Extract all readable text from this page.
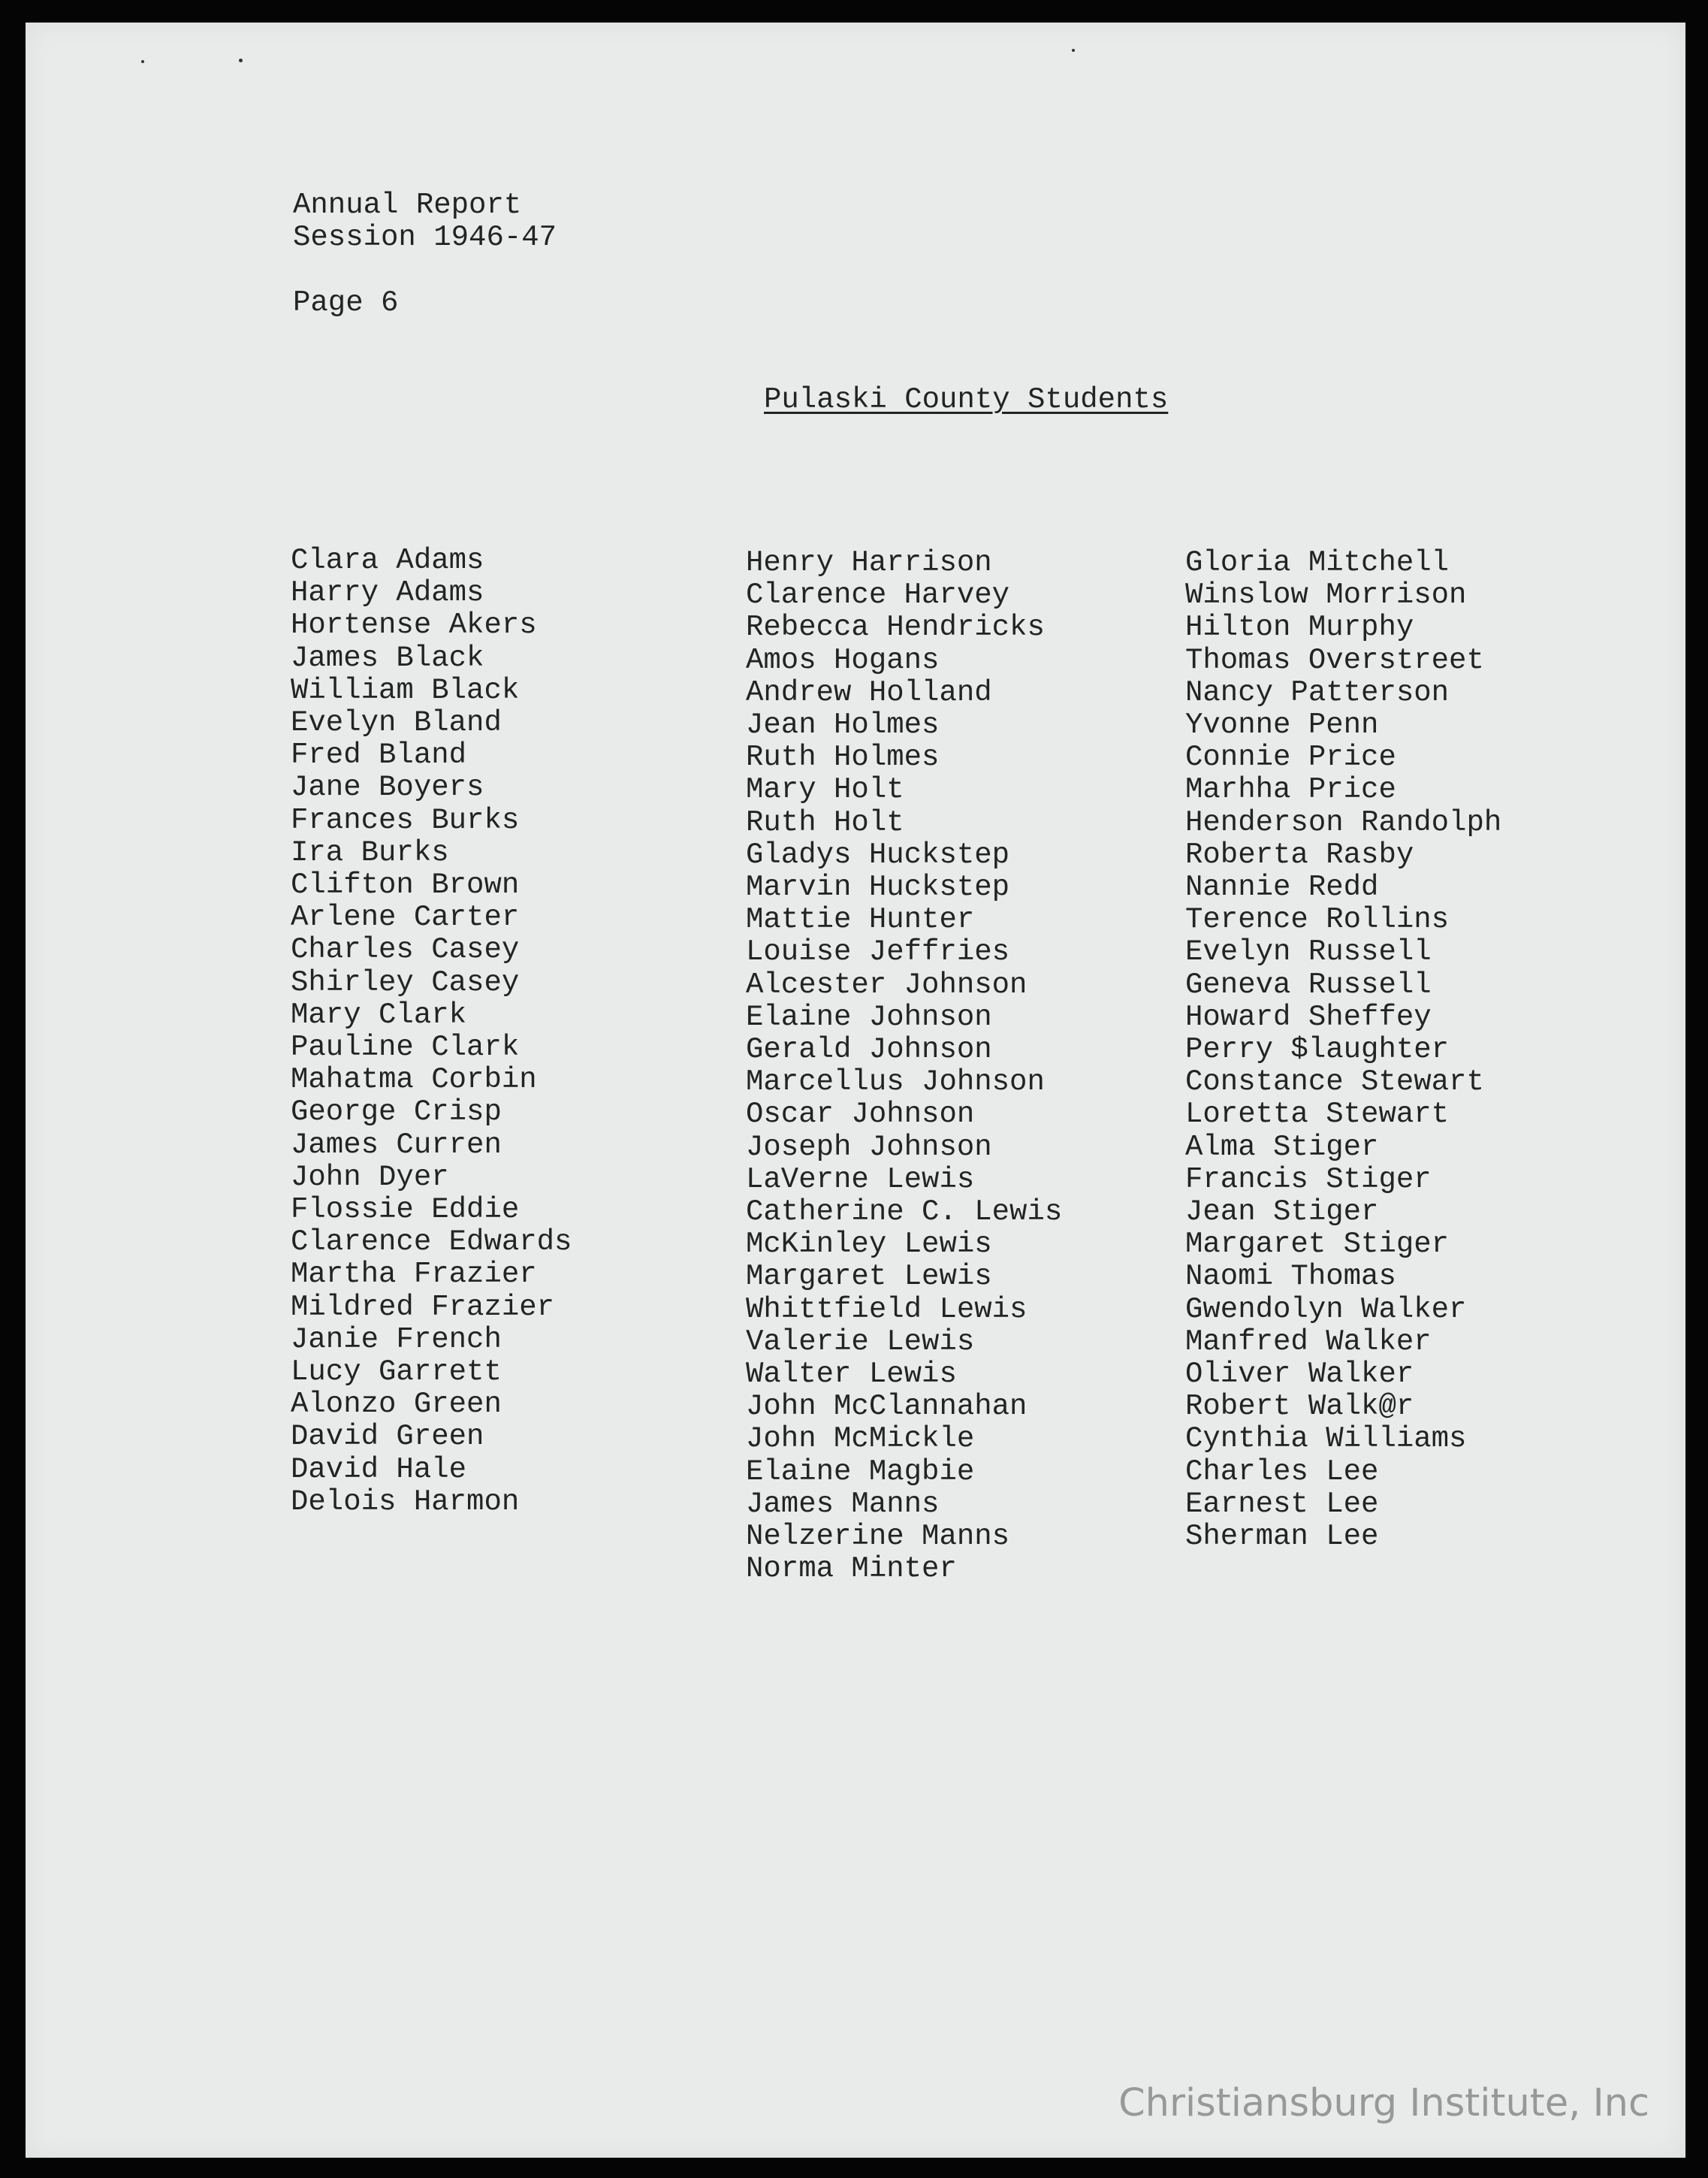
Annual Report
Session 1946-47
Page 6
Pulaski County Students
Clara Adams
Harry Adams
Hortense Akers
James Black
William Black
Evelyn Bland
Fred Bland
Jane Boyers
Frances Burks
Ira Burks
Clifton Brown
Arlene Carter
Charles Casey
Shirley Casey
Mary Clark
Pauline Clark
Mahatma Corbin
George Crisp
James Curren
John Dyer
Flossie Eddie
Clarence Edwards
Martha Frazier
Mildred Frazier
Janie French
Lucy Garrett
Alonzo Green
David Green
David Hale
Delois Harmon
Henry Harrison
Clarence Harvey
Rebecca Hendricks
Amos Hogans
Andrew Holland
Jean Holmes
Ruth Holmes
Mary Holt
Ruth Holt
Gladys Huckstep
Marvin Huckstep
Mattie Hunter
Louise Jeffries
Alcester Johnson
Elaine Johnson
Gerald Johnson
Marcellus Johnson
Oscar Johnson
Joseph Johnson
LaVerne Lewis
Catherine C. Lewis
McKinley Lewis
Margaret Lewis
Whittfield Lewis
Valerie Lewis
Walter Lewis
John McClannahan
John McMickle
Elaine Magbie
James Manns
Nelzerine Manns
Norma Minter
Gloria Mitchell
Winslow Morrison
Hilton Murphy
Thomas Overstreet
Nancy Patterson
Yvonne Penn
Connie Price
Marhha Price
Henderson Randolph
Roberta Rasby
Nannie Redd
Terence Rollins
Evelyn Russell
Geneva Russell
Howard Sheffey
Perry $laughter
Constance Stewart
Loretta Stewart
Alma Stiger
Francis Stiger
Jean Stiger
Margaret Stiger
Naomi Thomas
Gwendolyn Walker
Manfred Walker
Oliver Walker
Robert Walk@r
Cynthia Williams
Charles Lee
Earnest Lee
Sherman Lee
Christiansburg Institute, Inc
